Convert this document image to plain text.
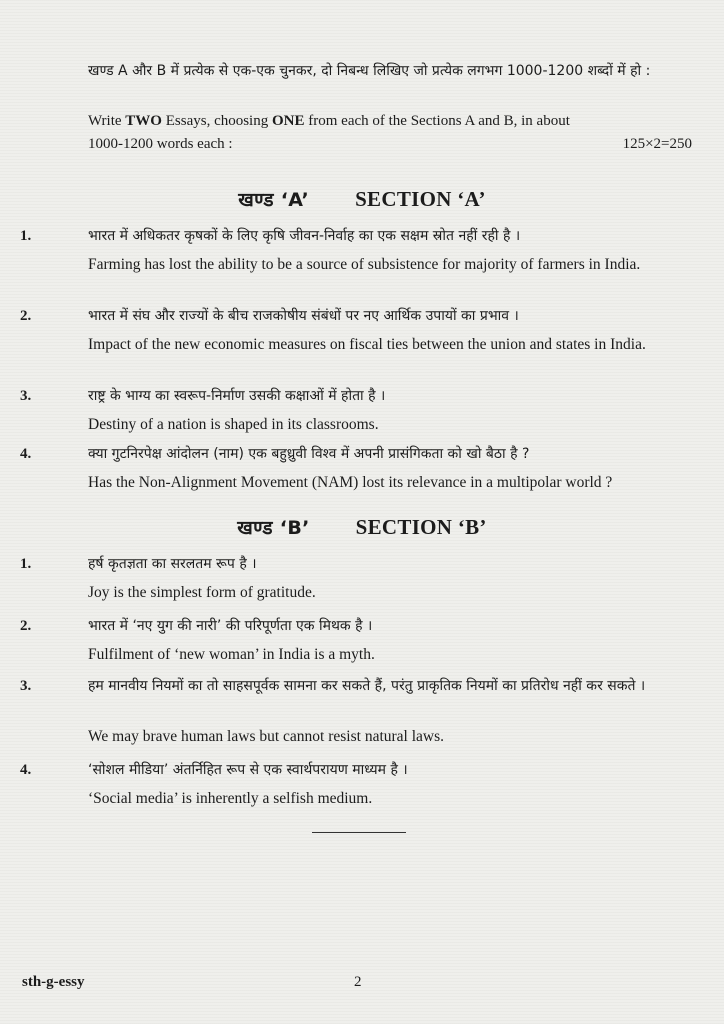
खण्ड A और B में प्रत्येक से एक-एक चुनकर, दो निबन्ध लिखिए जो प्रत्येक लगभग 1000-1200 शब्दों में हो :
Write TWO Essays, choosing ONE from each of the Sections A and B, in about
1000-1200 words each :	125×2=250
खण्ड ‘A’ SECTION ‘A’
1.	भारत में अधिकतर कृषकों के लिए कृषि जीवन-निर्वाह का एक सक्षम स्रोत नहीं रही है ।
Farming has lost the ability to be a source of subsistence for majority of farmers in India.
2.	भारत में संघ और राज्यों के बीच राजकोषीय संबंधों पर नए आर्थिक उपायों का प्रभाव ।
Impact of the new economic measures on fiscal ties between the union and states in India.
3.	राष्ट्र के भाग्य का स्वरूप-निर्माण उसकी कक्षाओं में होता है ।
Destiny of a nation is shaped in its classrooms.
4.	क्या गुटनिरपेक्ष आंदोलन (नाम) एक बहुध्रुवी विश्व में अपनी प्रासंगिकता को खो बैठा है ?
Has the Non-Alignment Movement (NAM) lost its relevance in a multipolar world ?
खण्ड ‘B’ SECTION ‘B’
1.	हर्ष कृतज्ञता का सरलतम रूप है ।
Joy is the simplest form of gratitude.
2.	भारत में ‘नए युग की नारी’ की परिपूर्णता एक मिथक है ।
Fulfilment of ‘new woman’ in India is a myth.
3.	हम मानवीय नियमों का तो साहसपूर्वक सामना कर सकते हैं, परंतु प्राकृतिक नियमों का प्रतिरोध नहीं कर सकते ।
We may brave human laws but cannot resist natural laws.
4.	‘सोशल मीडिया’ अंतर्निहित रूप से एक स्वार्थपरायण माध्यम है ।
‘Social media’ is inherently a selfish medium.
sth-g-essy	2
